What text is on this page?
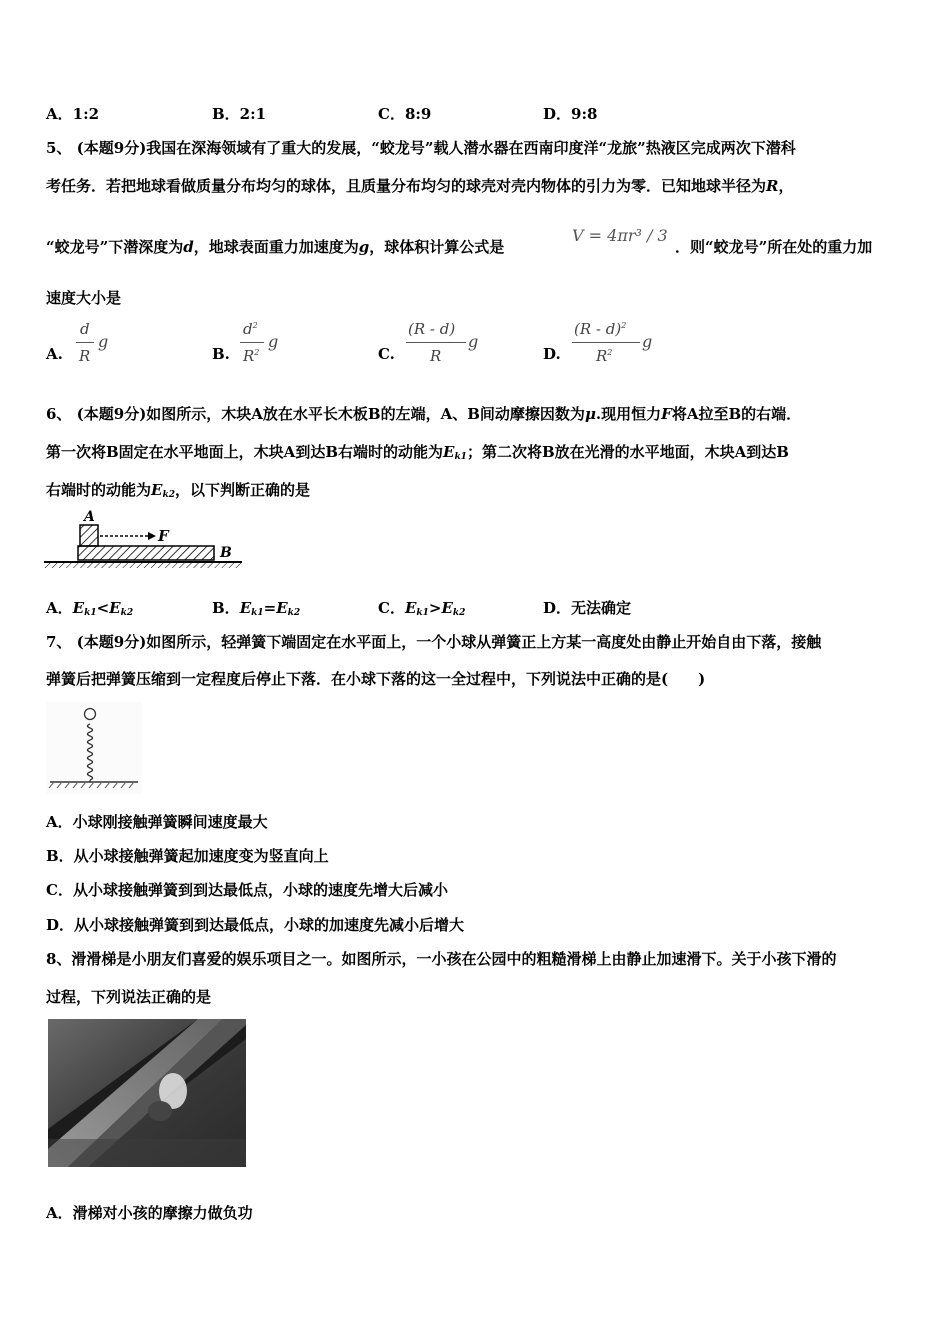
A．1:2	B．2:1	C．8:9	D．9:8
5、 (本题9分)我国在深海领域有了重大的发展，“蛟龙号”载人潜水器在西南印度洋“龙旅”热液区完成两次下潜科
考任务．若把地球看做质量分布均匀的球体，且质量分布均匀的球壳对壳内物体的引力为零．已知地球半径为R，
“蛟龙号”下潜深度为d，地球表面重力加速度为g，球体积计算公式是
V = 4πr³ / 3
．则“蛟龙号”所在处的重力加
速度大小是
A.
d
R
g
B.
$d^2$
$R^2$
g
C.
(R - d)
R
g
D.
(R - d)$^2$
$R^2$
g
6、 (本题9分)如图所示，木块A放在水平长木板B的左端，A、B间动摩擦因数为μ.现用恒力F将A拉至B的右端．
第一次将B固定在水平地面上，木块A到达B右端时的动能为$E_{k1}$；第二次将B放在光滑的水平地面，木块A到达B
右端时的动能为$E_{k2}$，以下判断正确的是
A
F
B
A．$E_{k1}<E_{k2}$	B．$E_{k1}=E_{k2}$	C．$E_{k1}>E_{k2}$	D．无法确定
7、 (本题9分)如图所示，轻弹簧下端固定在水平面上，一个小球从弹簧正上方某一高度处由静止开始自由下落，接触
弹簧后把弹簧压缩到一定程度后停止下落．在小球下落的这一全过程中，下列说法中正确的是(　　)
A．小球刚接触弹簧瞬间速度最大
B．从小球接触弹簧起加速度变为竖直向上
C．从小球接触弹簧到到达最低点，小球的速度先增大后减小
D．从小球接触弹簧到到达最低点，小球的加速度先减小后增大
8、滑滑梯是小朋友们喜爱的娱乐项目之一。如图所示，一小孩在公园中的粗糙滑梯上由静止加速滑下。关于小孩下滑的
过程，下列说法正确的是
A．滑梯对小孩的摩擦力做负功
